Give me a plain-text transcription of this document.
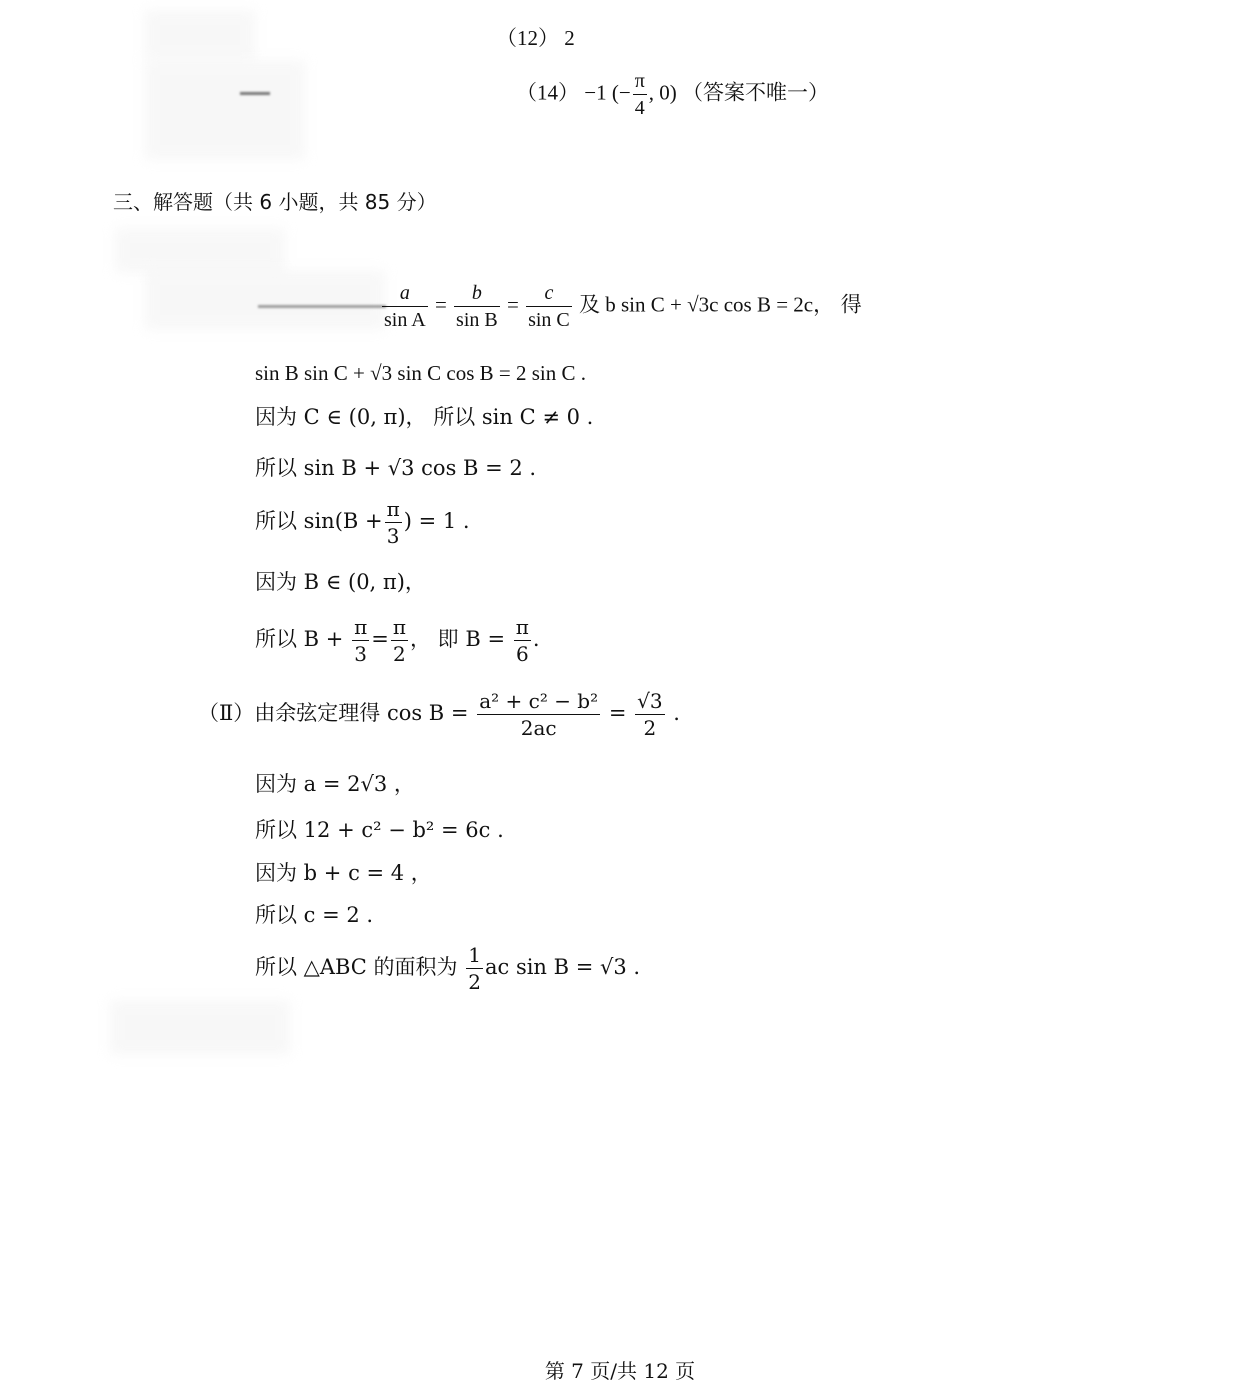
（12） 2
（14） −1 (− $\frac{\pi}{4}$ , 0) （答案不唯一）
三、解答题（共 6 小题，共 85 分）
$\frac{a}{\text{sin A}} = \frac{b}{\text{sin B}} = \frac{c}{\text{sin C}}$ 及 b sin C + √3c cos B = 2c， 得
sin B sin C + √3 sin C cos B = 2 sin C .
因为 C ∈ (0, π)， 所以 sin C ≠ 0 .
所以 sin B + √3 cos B = 2 .
所以 $\sin(B + \frac{\pi}{3}$ ) = 1 .
因为 B ∈ (0, π)，
所以 $B + \frac{\pi}{3} = \frac{\pi}{2}$ ， 即 $B = \frac{\pi}{6}$ .
（Ⅱ）由余弦定理得 $\cos B = \frac{\text{a² + c² − b²}}{2ac} = \frac{√3}{2}$ .
因为 a = 2√3 ，
所以 12 + c² − b² = 6c .
因为 b + c = 4 ，
所以 c = 2 .
所以 △ABC 的面积为 $\frac{1}{2}$ ac sin B = √3 .
第 7 页/共 12 页
